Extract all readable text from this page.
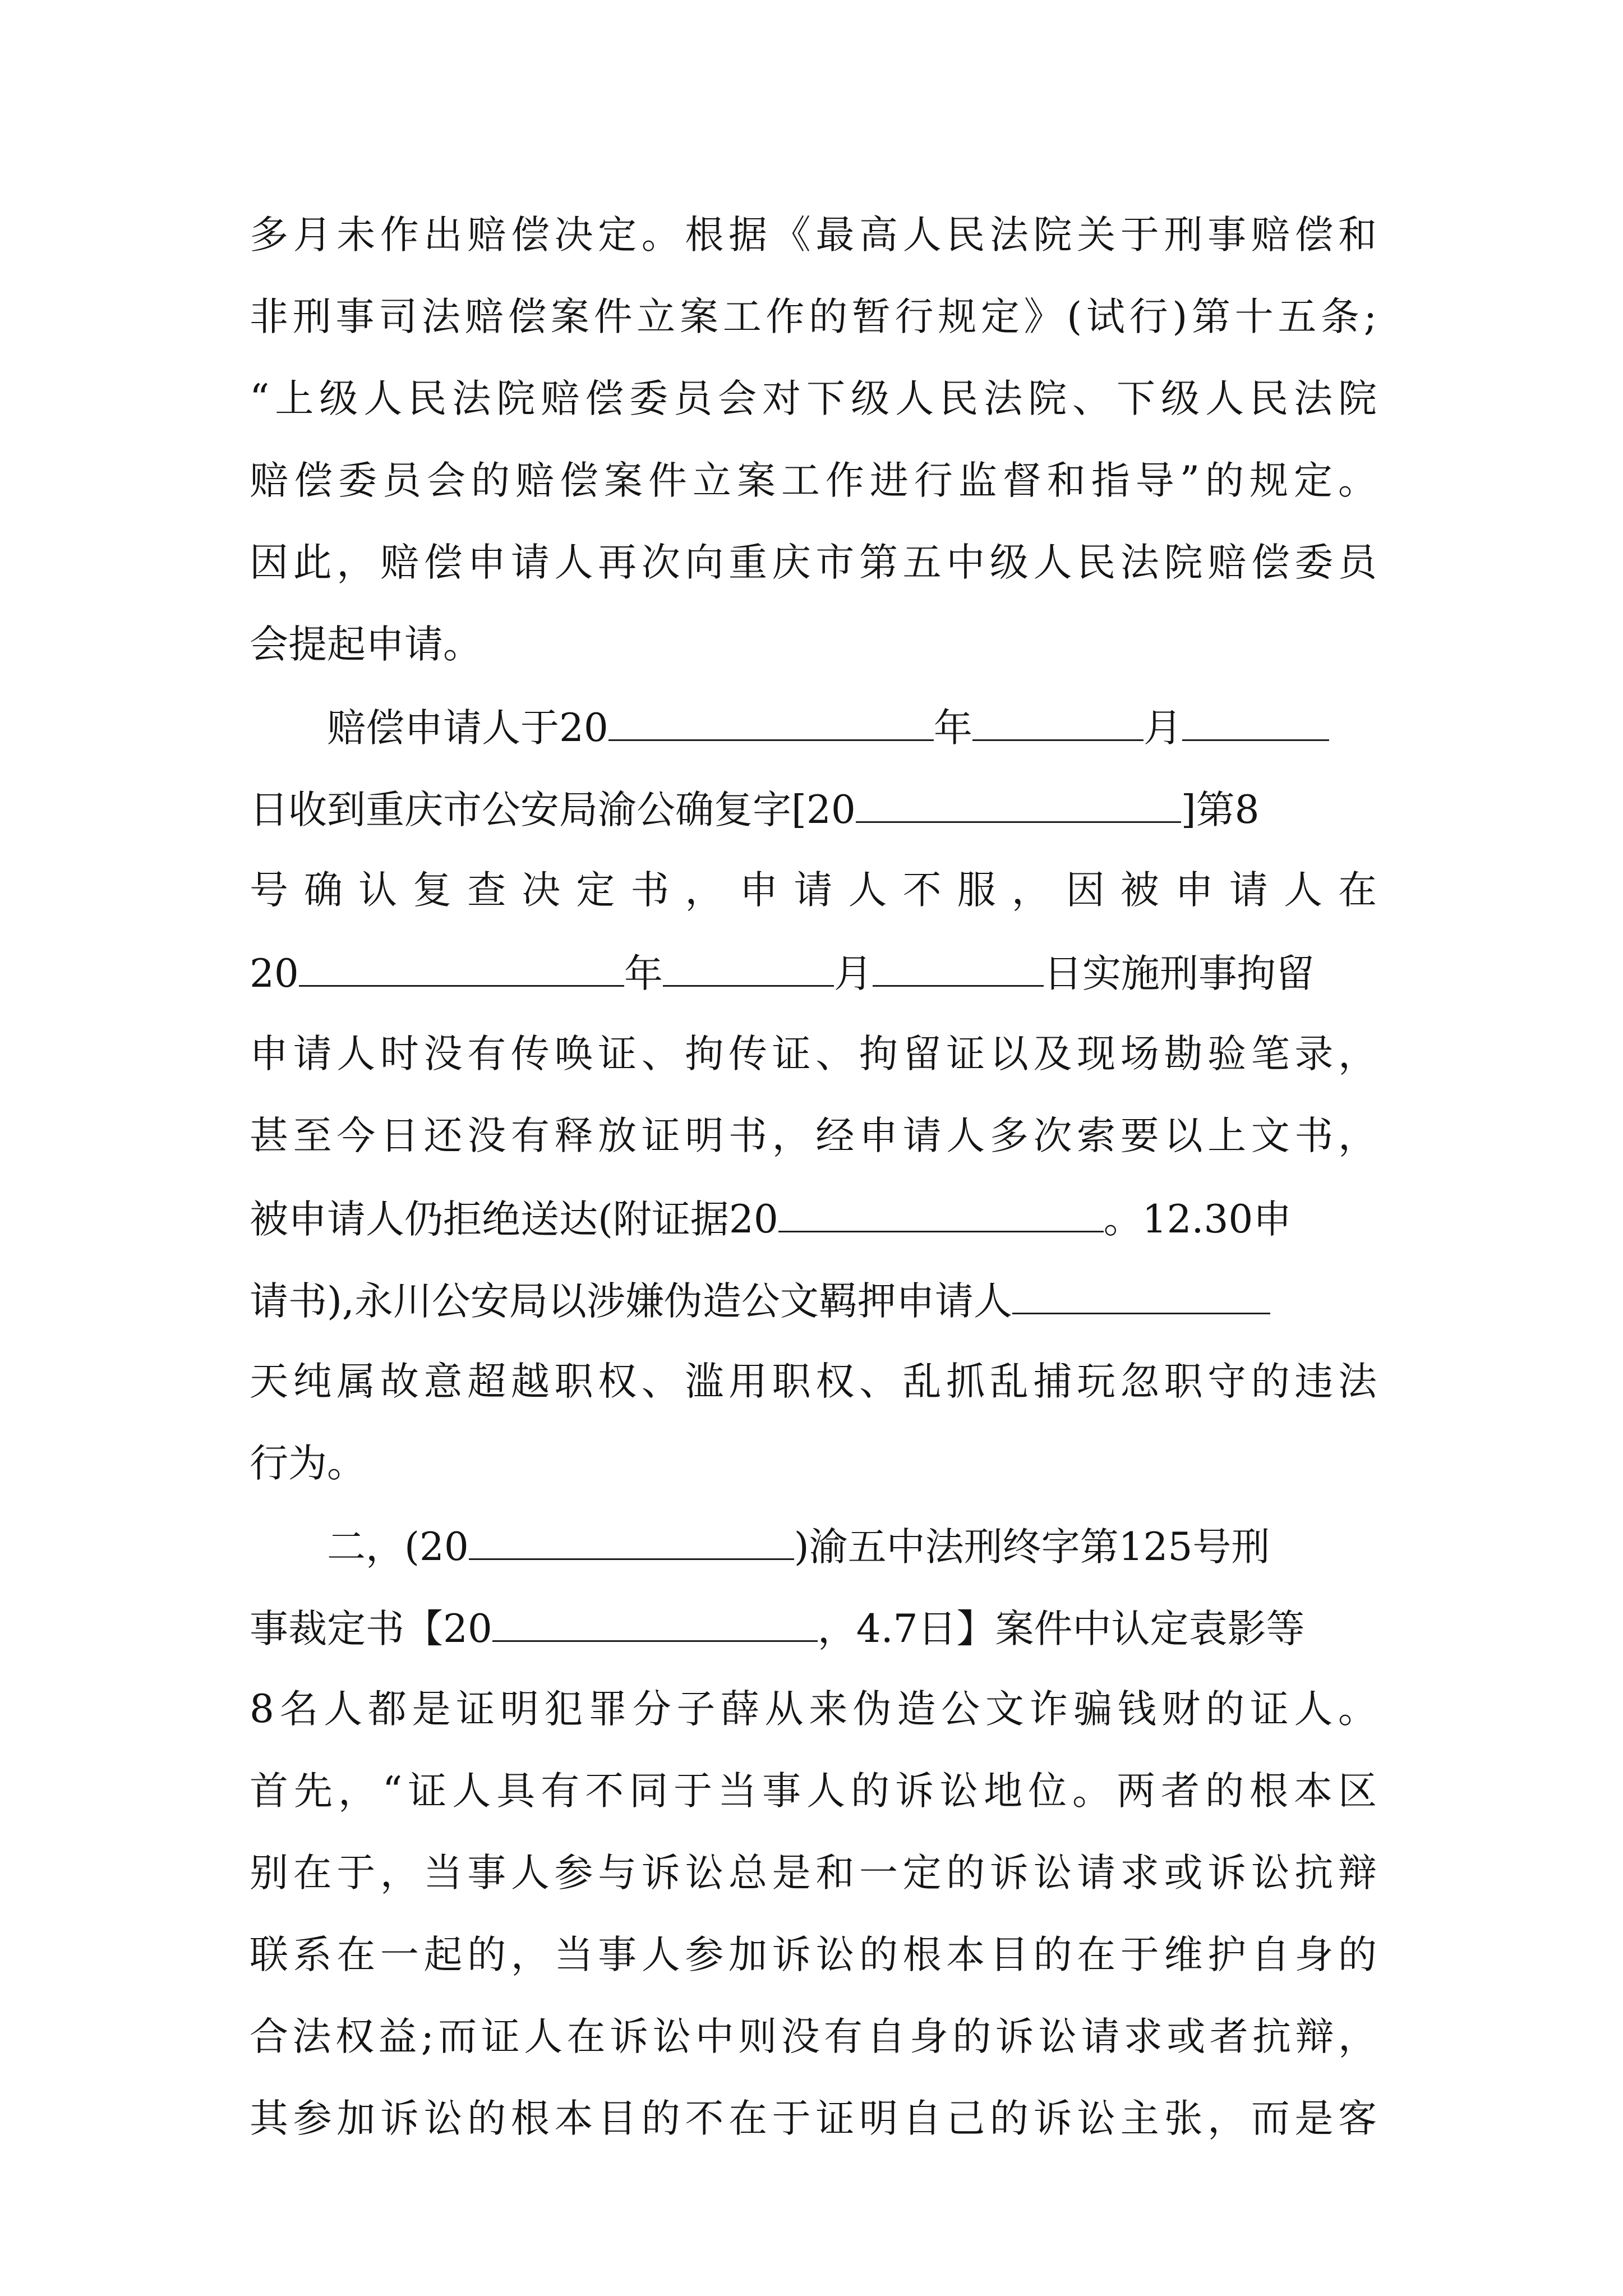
多月未作出赔偿决定。根据《最高人民法院关于刑事赔偿和
非刑事司法赔偿案件立案工作的暂行规定》(试行)第十五条;
“上级人民法院赔偿委员会对下级人民法院、下级人民法院
赔偿委员会的赔偿案件立案工作进行监督和指导”的规定。
因此，赔偿申请人再次向重庆市第五中级人民法院赔偿委员
会提起申请。
赔偿申请人于20	年	月
日收到重庆市公安局渝公确复字[20	]第8
号确认复查决定书，申请人不服，因被申请人在
20	年	月	日实施刑事拘留
申请人时没有传唤证、拘传证、拘留证以及现场勘验笔录，
甚至今日还没有释放证明书，经申请人多次索要以上文书，
被申请人仍拒绝送达(附证据20	。12.30申
请书),永川公安局以涉嫌伪造公文羁押申请人
天纯属故意超越职权、滥用职权、乱抓乱捕玩忽职守的违法
行为。
二，(20	)渝五中法刑终字第125号刑
事裁定书【20	，4.7日】案件中认定袁影等
8名人都是证明犯罪分子薛从来伪造公文诈骗钱财的证人。
首先，“证人具有不同于当事人的诉讼地位。两者的根本区
别在于，当事人参与诉讼总是和一定的诉讼请求或诉讼抗辩
联系在一起的，当事人参加诉讼的根本目的在于维护自身的
合法权益;而证人在诉讼中则没有自身的诉讼请求或者抗辩，
其参加诉讼的根本目的不在于证明自己的诉讼主张，而是客
